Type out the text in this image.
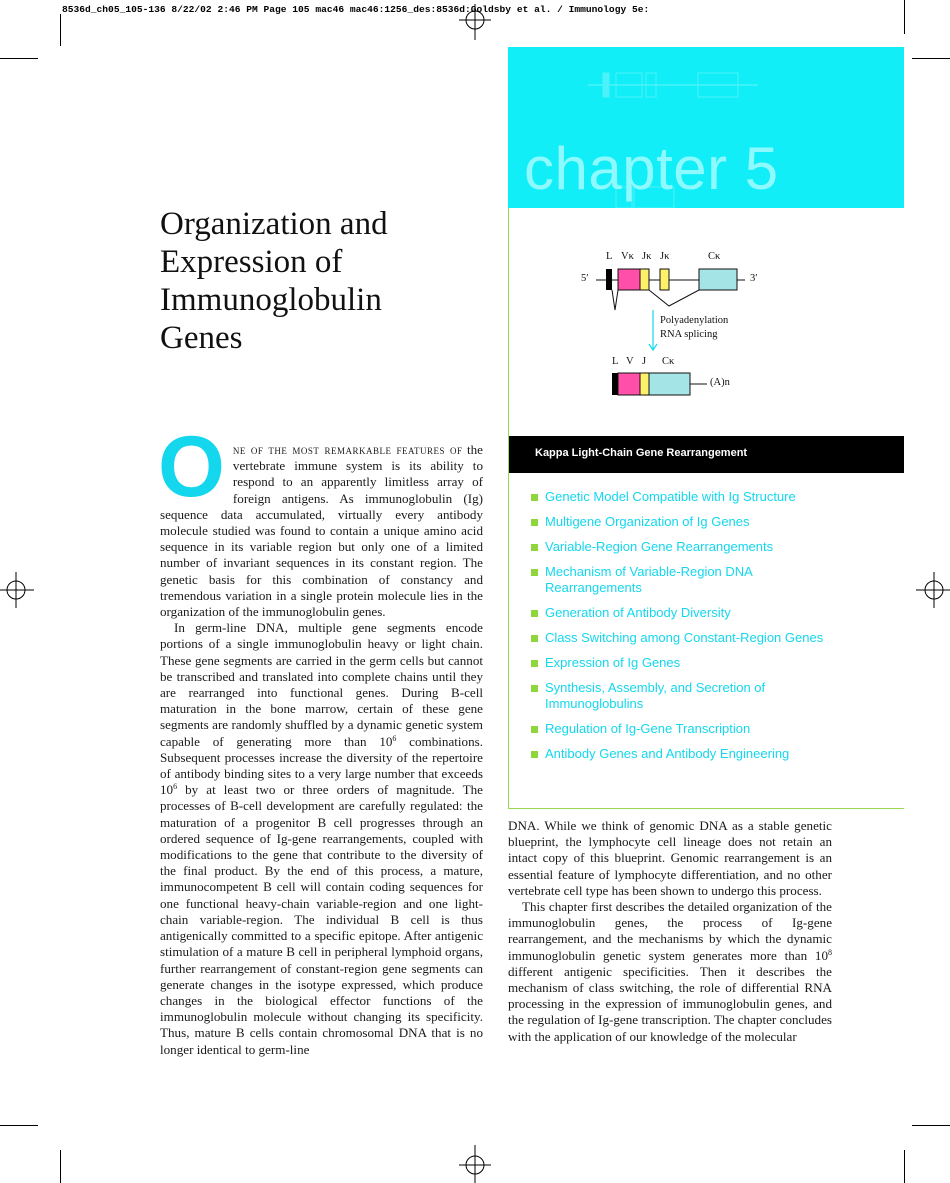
8536d_ch05_105-136 8/22/02 2:46 PM Page 105 mac46 mac46:1256_des:8536d:Goldsby et al. / Immunology 5e:
chapter 5
Organization and
Expression of
Immunoglobulin
Genes
L Vκ Jκ Jκ	Cκ
5′	3′
Polyadenylation
RNA splicing
L V J Cκ
(A)n
Kappa Light-Chain Gene Rearrangement
Genetic Model Compatible with Ig Structure
Multigene Organization of Ig Genes
Variable-Region Gene Rearrangements
Mechanism of Variable-Region DNA Rearrangements
Generation of Antibody Diversity
Class Switching among Constant-Region Genes
Expression of Ig Genes
Synthesis, Assembly, and Secretion of Immunoglobulins
Regulation of Ig-Gene Transcription
Antibody Genes and Antibody Engineering

One of the most remarkable features of the vertebrate immune system is its ability to respond to an apparently limitless array of foreign antigens. As immunoglobulin (Ig) sequence data accumulated, virtually every antibody molecule studied was found to contain a unique amino acid sequence in its variable region but only one of a limited number of invariant sequences in its constant region. The genetic basis for this combination of constancy and tremendous variation in a single protein molecule lies in the organization of the immunoglobulin genes.

In germ-line DNA, multiple gene segments encode portions of a single immunoglobulin heavy or light chain. These gene segments are carried in the germ cells but cannot be transcribed and translated into complete chains until they are rearranged into functional genes. During B-cell maturation in the bone marrow, certain of these gene segments are randomly shuffled by a dynamic genetic system capable of generating more than $10^6$ combinations. Subsequent processes increase the diversity of the repertoire of antibody binding sites to a very large number that exceeds $10^6$ by at least two or three orders of magnitude. The processes of B-cell development are carefully regulated: the maturation of a progenitor B cell progresses through an ordered sequence of Ig-gene rearrangements, coupled with modifications to the gene that contribute to the diversity of the final product. By the end of this process, a mature, immunocompetent B cell will contain coding sequences for one functional heavy-chain variable-region and one light-chain variable-region. The individual B cell is thus antigenically committed to a specific epitope. After antigenic stimulation of a mature B cell in peripheral lymphoid organs, further rearrangement of constant-region gene segments can generate changes in the isotype expressed, which produce changes in the biological effector functions of the immunoglobulin molecule without changing its specificity. Thus, mature B cells contain chromosomal DNA that is no longer identical to germ-line

DNA. While we think of genomic DNA as a stable genetic blueprint, the lymphocyte cell lineage does not retain an intact copy of this blueprint. Genomic rearrangement is an essential feature of lymphocyte differentiation, and no other vertebrate cell type has been shown to undergo this process.

This chapter first describes the detailed organization of the immunoglobulin genes, the process of Ig-gene rearrangement, and the mechanisms by which the dynamic immunoglobulin genetic system generates more than $10^8$ different antigenic specificities. Then it describes the mechanism of class switching, the role of differential RNA processing in the expression of immunoglobulin genes, and the regulation of Ig-gene transcription. The chapter concludes with the application of our knowledge of the molecular
